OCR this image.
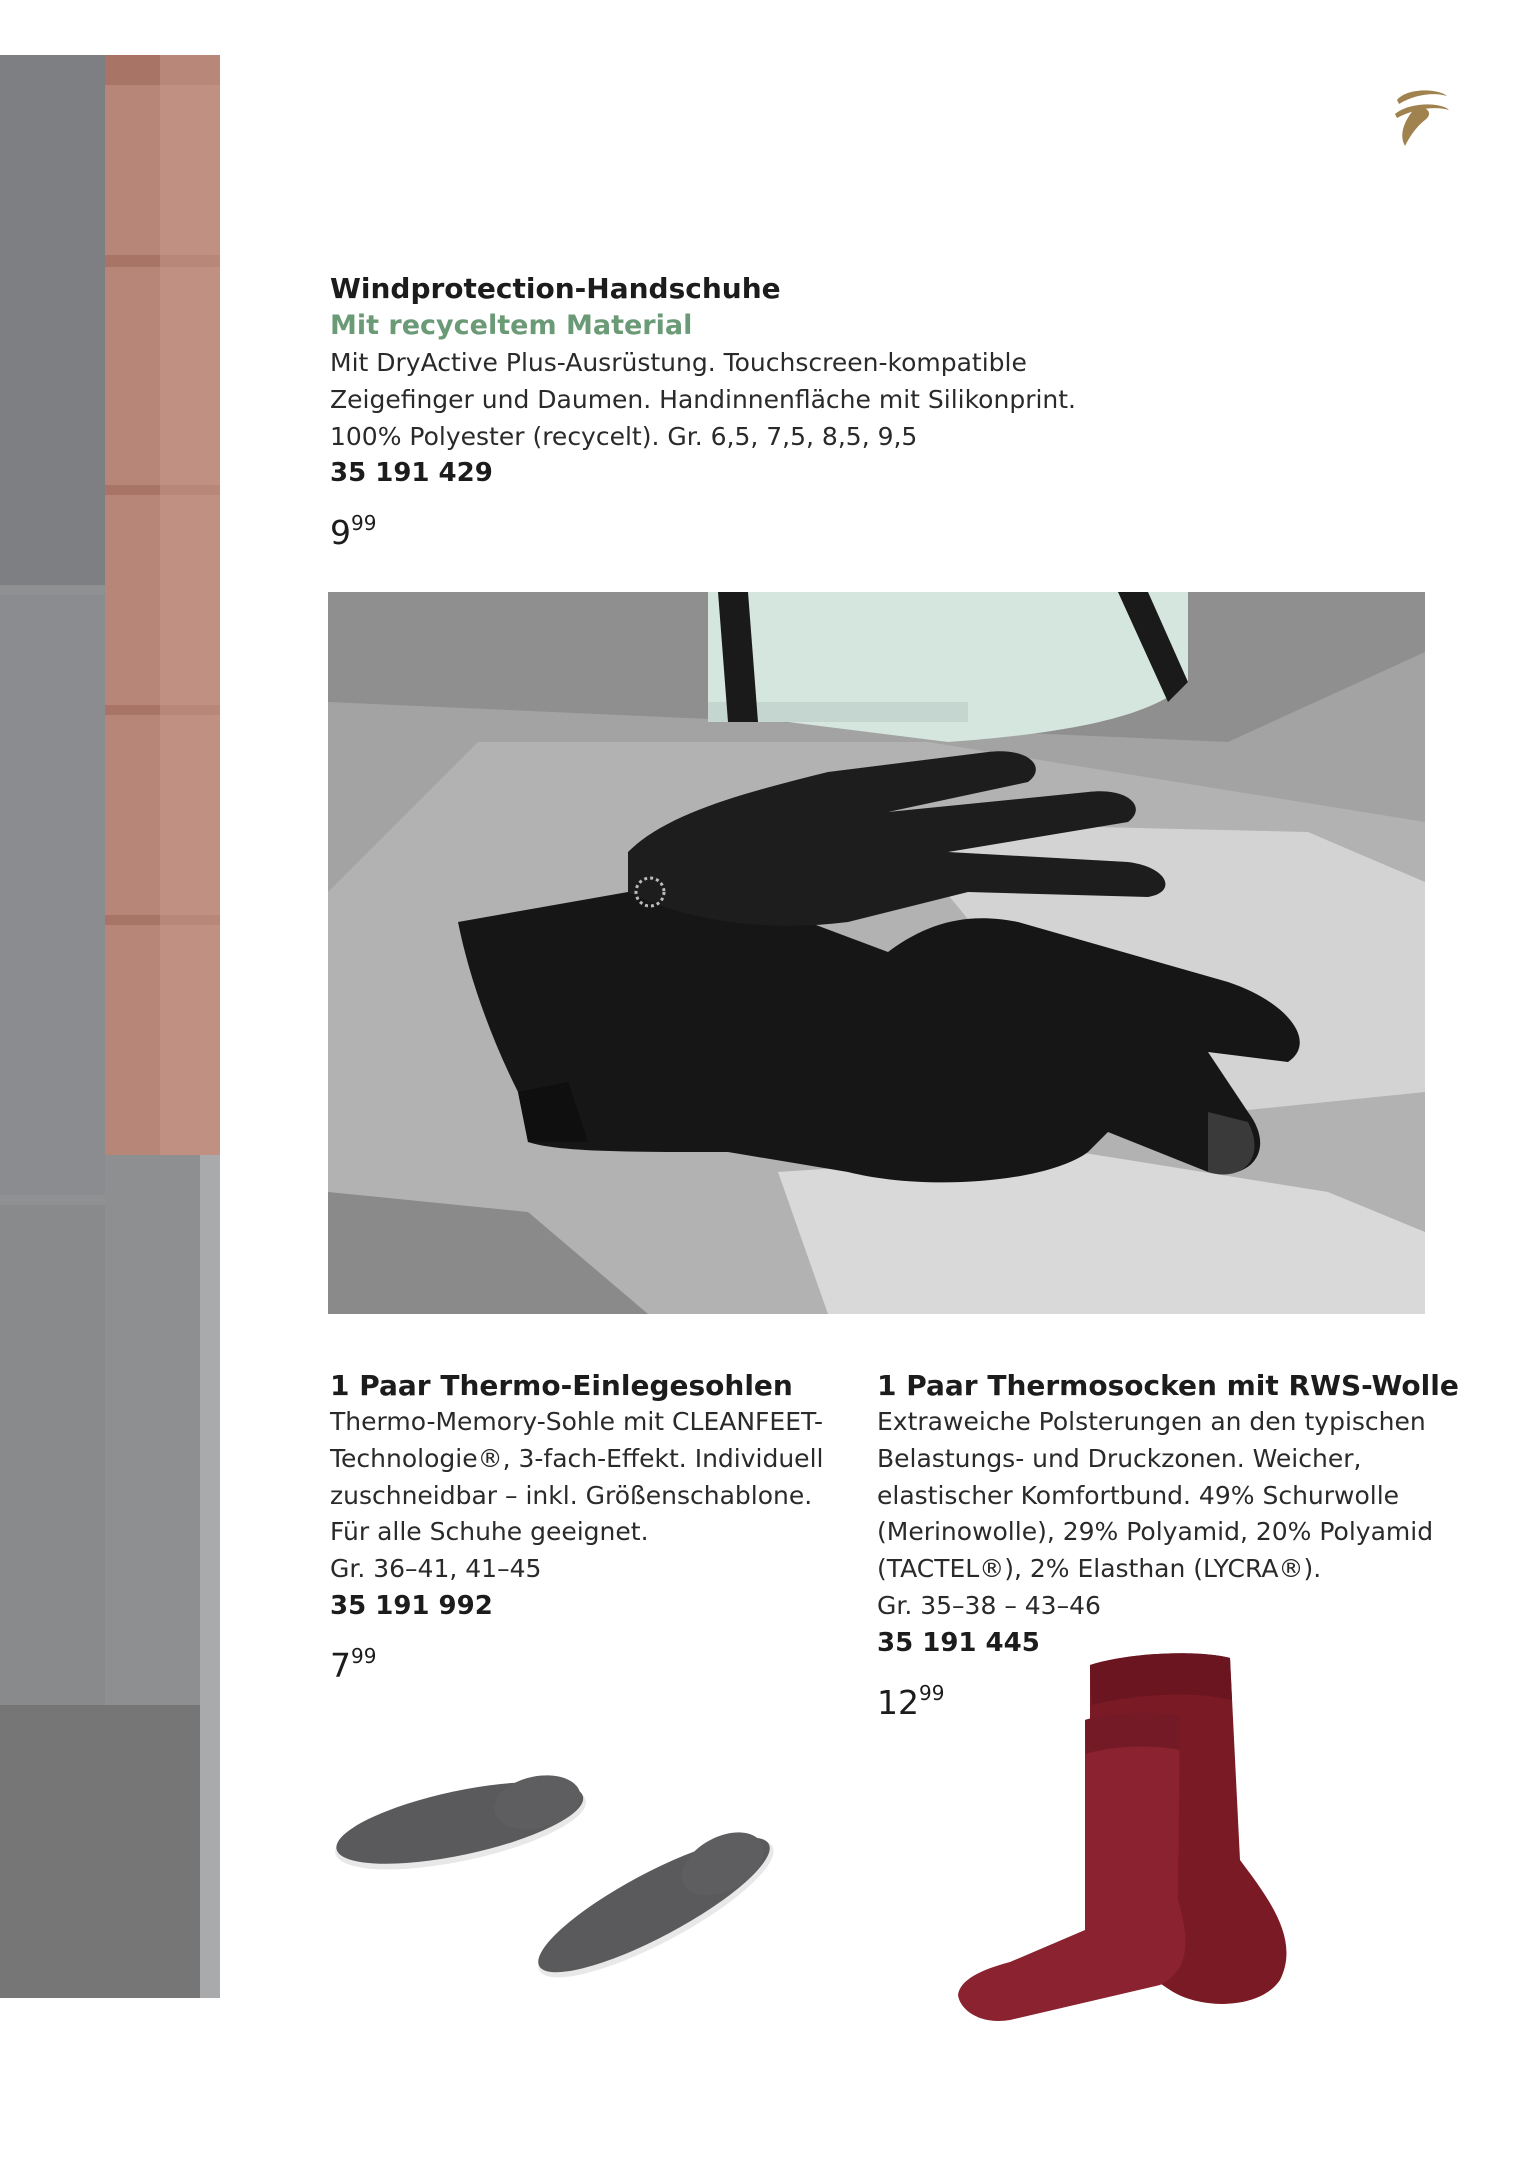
Windprotection-Handschuhe
Mit recyceltem Material
Mit DryActive Plus-Ausrüstung. Touchscreen-kompatible
Zeigefinger und Daumen. Handinnenfläche mit Silikonprint.
100% Polyester (recycelt). Gr. 6,5, 7,5, 8,5, 9,5
35 191 429
$9^{99}$
1 Paar Thermo-Einlegesohlen
Thermo-Memory-Sohle mit CLEANFEET-
Technologie®, 3-fach-Effekt. Individuell
zuschneidbar – inkl. Größenschablone.
Für alle Schuhe geeignet.
Gr. 36–41, 41–45
35 191 992
$7^{99}$
1 Paar Thermosocken mit RWS-Wolle
Extraweiche Polsterungen an den typischen
Belastungs- und Druckzonen. Weicher,
elastischer Komfortbund. 49% Schurwolle
(Merinowolle), 29% Polyamid, 20% Polyamid
(TACTEL®), 2% Elasthan (LYCRA®).
Gr. 35–38 – 43–46
35 191 445
$12^{99}$
